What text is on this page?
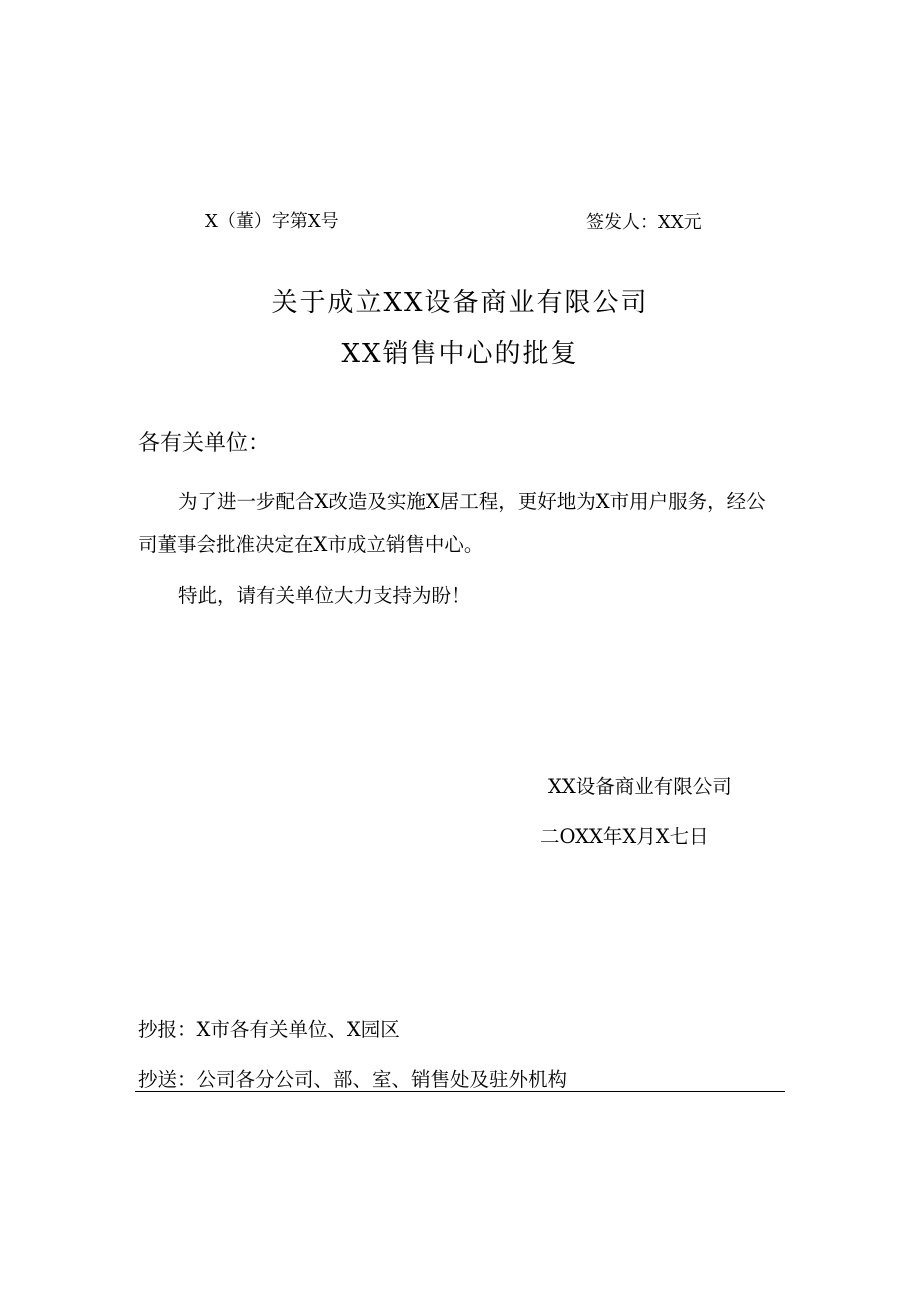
X（董）字第X号	签发人：XX元
关于成立XX设备商业有限公司
XX销售中心的批复
各有关单位：

为了进一步配合X改造及实施X居工程，更好地为X市用户服务，经公司董事会批准决定在X市成立销售中心。

特此，请有关单位大力支持为盼！

XX设备商业有限公司
二OXX年X月X七日
抄报：X市各有关单位、X园区
抄送：公司各分公司、部、室、销售处及驻外机构
